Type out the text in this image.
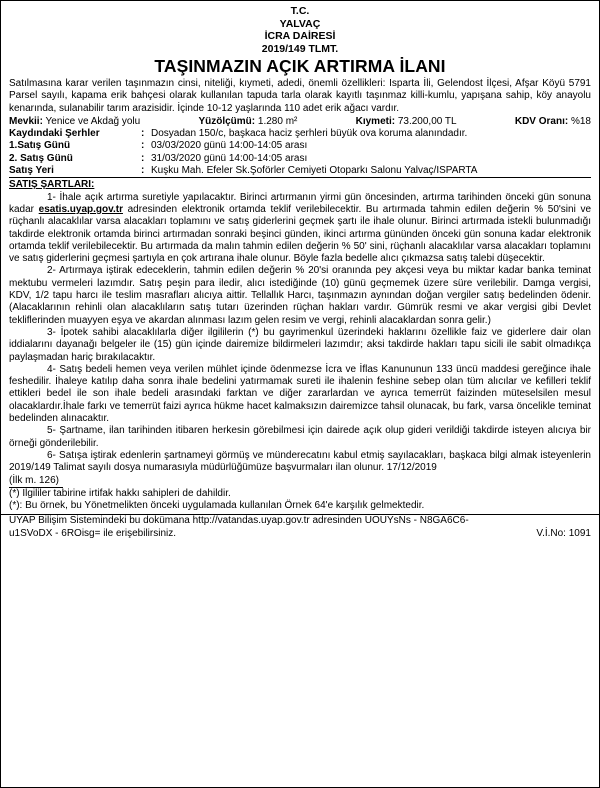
T.C.
YALVAÇ
İCRA DAİRESİ
2019/149 TLMT.
TAŞINMAZIN AÇIK ARTIRMA İLANI

Satılmasına karar verilen taşınmazın cinsi, niteliği, kıymeti, adedi, önemli özellikleri: Isparta İli, Gelendost İlçesi, Afşar Köyü 5791 Parsel sayılı, kapama erik bahçesi olarak kullanılan tapuda tarla olarak kayıtlı taşınmaz killi-kumlu, yapışana sahip, köy anayolu kenarında, sulanabilir tarım arazisidir. İçinde 10-12 yaşlarında 110 adet erik ağacı vardır.

Mevkii: Yenice ve Akdağ yolu	Yüzölçümü: 1.280 m²	Kıymeti: 73.200,00 TL	KDV Oranı: %18
Kaydındaki Şerhler	: Dosyadan 150/c, başkaca haciz şerhleri büyük ova koruma alanındadır.
1.Satış Günü	: 03/03/2020 günü 14:00-14:05 arası
2. Satış Günü	: 31/03/2020 günü 14:00-14:05 arası
Satış Yeri	: Kuşku Mah. Efeler Sk.Şoförler Cemiyeti Otoparkı Salonu Yalvaç/ISPARTA
SATIŞ ŞARTLARI:

1- İhale açık artırma suretiyle yapılacaktır. Birinci artırmanın yirmi gün öncesinden, artırma tarihinden önceki gün sonuna kadar esatis.uyap.gov.tr adresinden elektronik ortamda teklif verilebilecektir. Bu artırmada tahmin edilen değerin % 50'sini ve rüçhanlı alacaklılar varsa alacakları toplamını ve satış giderlerini geçmek şartı ile ihale olunur. Birinci artırmada istekli bulunmadığı takdirde elektronik ortamda birinci artırmadan sonraki beşinci günden, ikinci artırma gününden önceki gün sonuna kadar elektronik ortamda teklif verilebilecektir. Bu artırmada da malın tahmin edilen değerin % 50' sini, rüçhanlı alacaklılar varsa alacakları toplamını ve satış giderlerini geçmesi şartıyla en çok artırana ihale olunur. Böyle fazla bedelle alıcı çıkmazsa satış talebi düşecektir.

2- Artırmaya iştirak edeceklerin, tahmin edilen değerin % 20'si oranında pey akçesi veya bu miktar kadar banka teminat mektubu vermeleri lazımdır. Satış peşin para iledir, alıcı istediğinde (10) günü geçmemek üzere süre verilebilir. Damga vergisi, KDV, 1/2 tapu harcı ile teslim masrafları alıcıya aittir. Tellallık Harcı, taşınmazın aynından doğan vergiler satış bedelinden ödenir. (Alacaklarının rehinli olan alacaklıların satış tutarı üzerinden rüçhan hakları vardır. Gümrük resmi ve akar vergisi gibi Devlet tekliflerinden muayyen eşya ve akardan alınması lazım gelen resim ve vergi, rehinli alacaklardan sonra gelir.)

3- İpotek sahibi alacaklılarla diğer ilgililerin (*) bu gayrimenkul üzerindeki haklarını özellikle faiz ve giderlere dair olan iddialarını dayanağı belgeler ile (15) gün içinde dairemize bildirmeleri lazımdır; aksi takdirde hakları tapu sicili ile sabit olmadıkça paylaşmadan hariç bırakılacaktır.

4- Satış bedeli hemen veya verilen mühlet içinde ödenmezse İcra ve İflas Kanununun 133 üncü maddesi gereğince ihale feshedilir. İhaleye katılıp daha sonra ihale bedelini yatırmamak sureti ile ihalenin feshine sebep olan tüm alıcılar ve kefilleri teklif ettikleri bedel ile son ihale bedeli arasındaki farktan ve diğer zararlardan ve ayrıca temerrüt faizinden müteselsilen mesul olacaklardır.İhale farkı ve temerrüt faizi ayrıca hükme hacet kalmaksızın dairemizce tahsil olunacak, bu fark, varsa öncelikle teminat bedelinden alınacaktır.

5- Şartname, ilan tarihinden itibaren herkesin görebilmesi için dairede açık olup gideri verildiği takdirde isteyen alıcıya bir örneği gönderilebilir.

6- Satışa iştirak edenlerin şartnameyi görmüş ve münderecatını kabul etmiş sayılacakları, başkaca bilgi almak isteyenlerin 2019/149 Talimat sayılı dosya numarasıyla müdürlüğümüze başvurmaları ilan olunur. 17/12/2019

(İlk m. 126)

(*) İlgililer tabirine irtifak hakkı sahipleri de dahildir.

(*): Bu örnek, bu Yönetmelikten önceki uygulamada kullanılan Örnek 64'e karşılık gelmektedir.

UYAP Bilişim Sistemindeki bu dokümana http://vatandas.uyap.gov.tr adresinden UOUYsNs - N8GA6C6-
u1SVoDX - 6ROisg= ile erişebilirsiniz.	V.İ.No: 1091
